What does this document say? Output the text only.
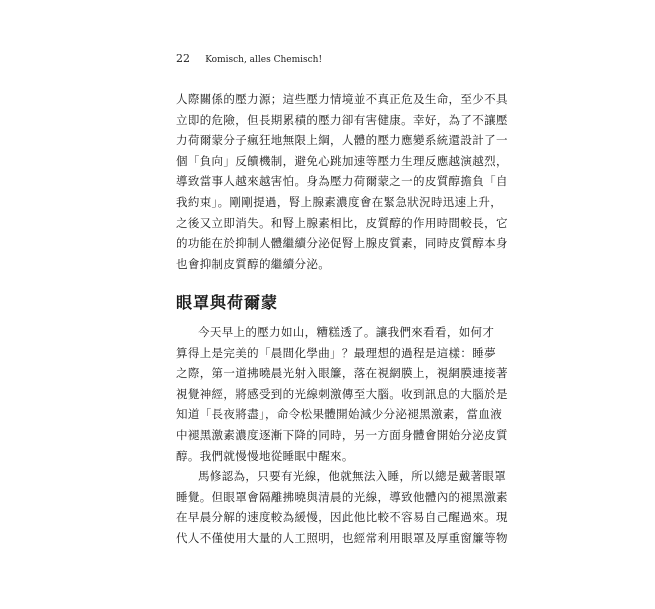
22 Komisch, alles Chemisch!
人際關係的壓力源；這些壓力情境並不真正危及生命，至少不具
立即的危險，但長期累積的壓力卻有害健康。幸好，為了不讓壓
力荷爾蒙分子瘋狂地無限上綱，人體的壓力應變系統還設計了一
個「負向」反饋機制，避免心跳加速等壓力生理反應越演越烈，
導致當事人越來越害怕。身為壓力荷爾蒙之一的皮質醇擔負「自
我約束」。剛剛提過，腎上腺素濃度會在緊急狀況時迅速上升，
之後又立即消失。和腎上腺素相比，皮質醇的作用時間較長，它
的功能在於抑制人體繼續分泌促腎上腺皮質素，同時皮質醇本身
也會抑制皮質醇的繼續分泌。
眼罩與荷爾蒙
今天早上的壓力如山，糟糕透了。讓我們來看看，如何才
算得上是完美的「晨間化學曲」？最理想的過程是這樣：睡夢
之際，第一道拂曉晨光射入眼簾，落在視網膜上，視網膜連接著
視覺神經，將感受到的光線刺激傳至大腦。收到訊息的大腦於是
知道「長夜將盡」，命令松果體開始減少分泌褪黑激素，當血液
中褪黑激素濃度逐漸下降的同時，另一方面身體會開始分泌皮質
醇。我們就慢慢地從睡眠中醒來。
馬修認為，只要有光線，他就無法入睡，所以總是戴著眼罩
睡覺。但眼罩會隔離拂曉與清晨的光線，導致他體內的褪黑激素
在早晨分解的速度較為緩慢，因此他比較不容易自己醒過來。現
代人不僅使用大量的人工照明，也經常利用眼罩及厚重窗簾等物
